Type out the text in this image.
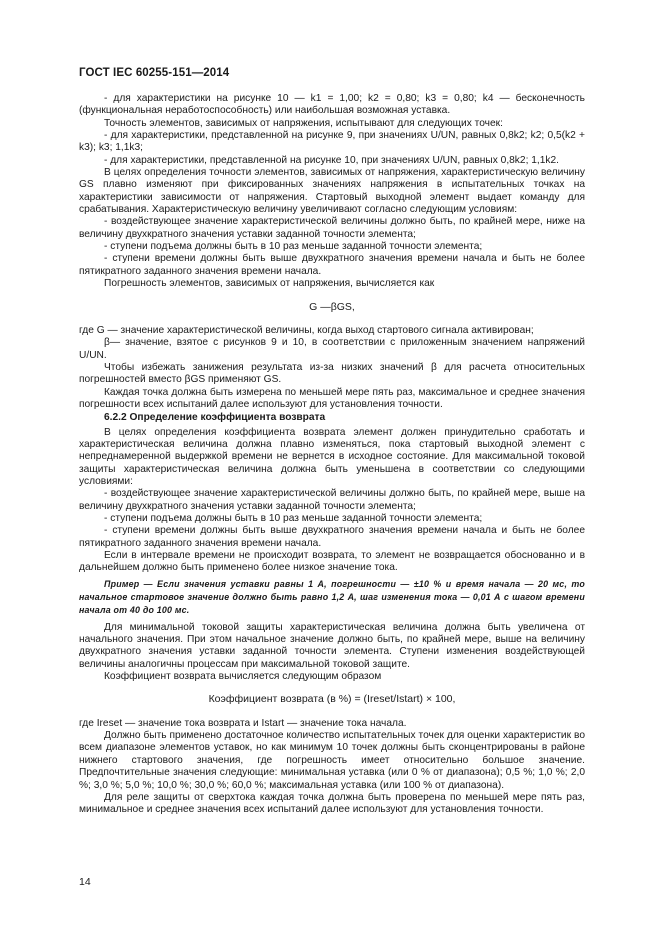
ГОСТ IEC 60255-151—2014

- для характеристики на рисунке 10 — k1 = 1,00; k2 = 0,80; k3 = 0,80; k4 — бесконечность (функциональная неработоспособность) или наибольшая возможная уставка.

Точность элементов, зависимых от напряжения, испытывают для следующих точек:

- для характеристики, представленной на рисунке 9, при значениях U/UN, равных 0,8k2; k2; 0,5(k2 + k3); k3; 1,1k3;

- для характеристики, представленной на рисунке 10, при значениях U/UN, равных 0,8k2; 1,1k2.

В целях определения точности элементов, зависимых от напряжения, характеристическую величину GS плавно изменяют при фиксированных значениях напряжения в испытательных точках на характеристики зависимости от напряжения. Стартовый выходной элемент выдает команду для срабатывания. Характеристическую величину увеличивают согласно следующим условиям:

- воздействующее значение характеристической величины должно быть, по крайней мере, ниже на величину двухкратного значения уставки заданной точности элемента;

- ступени подъема должны быть в 10 раз меньше заданной точности элемента;

- ступени времени должны быть выше двухкратного значения времени начала и быть не более пятикратного заданного значения времени начала.

Погрешность элементов, зависимых от напряжения, вычисляется как

G —βGS,

где G — значение характеристической величины, когда выход стартового сигнала активирован;

β— значение, взятое с рисунков 9 и 10, в соответствии с приложенным значением напряжений U/UN.

Чтобы избежать занижения результата из-за низких значений β для расчета относительных погрешностей вместо βGS применяют GS.

Каждая точка должна быть измерена по меньшей мере пять раз, максимальное и среднее значения погрешности всех испытаний далее используют для установления точности.

6.2.2 Определение коэффициента возврата

В целях определения коэффициента возврата элемент должен принудительно сработать и характеристическая величина должна плавно изменяться, пока стартовый выходной элемент с непреднамеренной выдержкой времени не вернется в исходное состояние. Для максимальной токовой защиты характеристическая величина должна быть уменьшена в соответствии со следующими условиями:

- воздействующее значение характеристической величины должно быть, по крайней мере, выше на величину двухкратного значения уставки заданной точности элемента;

- ступени подъема должны быть в 10 раз меньше заданной точности элемента;

- ступени времени должны быть выше двухкратного значения времени начала и быть не более пятикратного заданного значения времени начала.

Если в интервале времени не происходит возврата, то элемент не возвращается обоснованно и в дальнейшем должно быть применено более низкое значение тока.

Пример — Если значения уставки равны 1 А, погрешности — ±10 % и время начала — 20 мс, то начальное стартовое значение должно быть равно 1,2 А, шаг изменения тока — 0,01 А с шагом времени начала от 40 до 100 мс.

Для минимальной токовой защиты характеристическая величина должна быть увеличена от начального значения. При этом начальное значение должно быть, по крайней мере, выше на величину двухкратного значения уставки заданной точности элемента. Ступени изменения воздействующей величины аналогичны процессам при максимальной токовой защите.

Коэффициент возврата вычисляется следующим образом

Коэффициент возврата (в %) = (Ireset/Istart) × 100,

где Ireset — значение тока возврата и Istart — значение тока начала.

Должно быть применено достаточное количество испытательных точек для оценки характеристик во всем диапазоне элементов уставок, но как минимум 10 точек должны быть сконцентрированы в районе нижнего стартового значения, где погрешность имеет относительно большое значение. Предпочтительные значения следующие: минимальная уставка (или 0 % от диапазона); 0,5 %; 1,0 %; 2,0 %; 3,0 %; 5,0 %; 10,0 %; 30,0 %; 60,0 %; максимальная уставка (или 100 % от диапазона).

Для реле защиты от сверхтока каждая точка должна быть проверена по меньшей мере пять раз, минимальное и среднее значения всех испытаний далее используют для установления точности.

14
